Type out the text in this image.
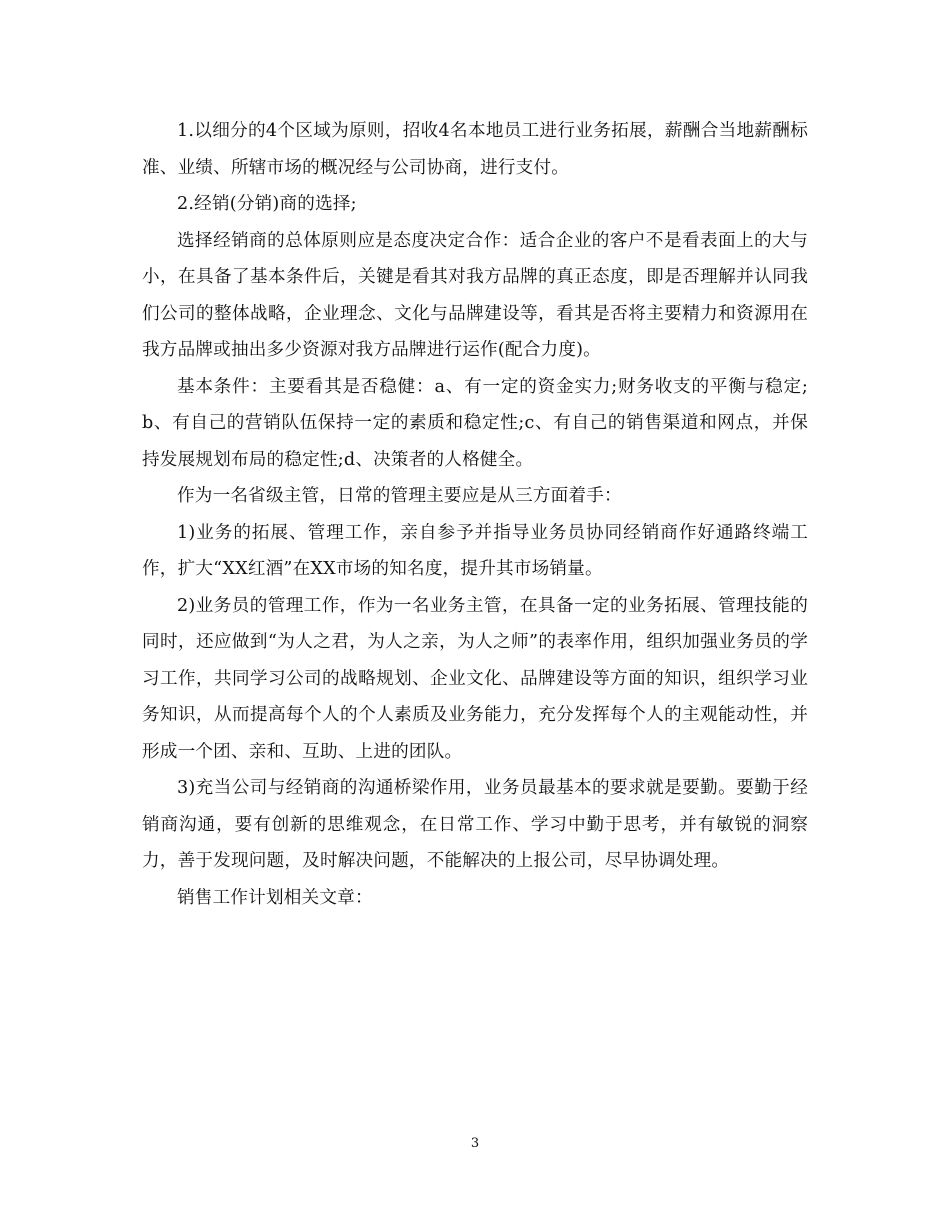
1.以细分的4个区域为原则，招收4名本地员工进行业务拓展，薪酬合当地薪酬标准、业绩、所辖市场的概况经与公司协商，进行支付。

2.经销(分销)商的选择;

选择经销商的总体原则应是态度决定合作：适合企业的客户不是看表面上的大与小，在具备了基本条件后，关键是看其对我方品牌的真正态度，即是否理解并认同我们公司的整体战略，企业理念、文化与品牌建设等，看其是否将主要精力和资源用在我方品牌或抽出多少资源对我方品牌进行运作(配合力度)。

基本条件：主要看其是否稳健：a、有一定的资金实力;财务收支的平衡与稳定;b、有自己的营销队伍保持一定的素质和稳定性;c、有自己的销售渠道和网点，并保持发展规划布局的稳定性;d、决策者的人格健全。

作为一名省级主管，日常的管理主要应是从三方面着手：

1)业务的拓展、管理工作，亲自参予并指导业务员协同经销商作好通路终端工作，扩大“XX红酒”在XX市场的知名度，提升其市场销量。

2)业务员的管理工作，作为一名业务主管，在具备一定的业务拓展、管理技能的同时，还应做到“为人之君，为人之亲，为人之师”的表率作用，组织加强业务员的学习工作，共同学习公司的战略规划、企业文化、品牌建设等方面的知识，组织学习业务知识，从而提高每个人的个人素质及业务能力，充分发挥每个人的主观能动性，并形成一个团、亲和、互助、上进的团队。

3)充当公司与经销商的沟通桥梁作用，业务员最基本的要求就是要勤。要勤于经销商沟通，要有创新的思维观念，在日常工作、学习中勤于思考，并有敏锐的洞察力，善于发现问题，及时解决问题，不能解决的上报公司，尽早协调处理。

销售工作计划相关文章：

3
